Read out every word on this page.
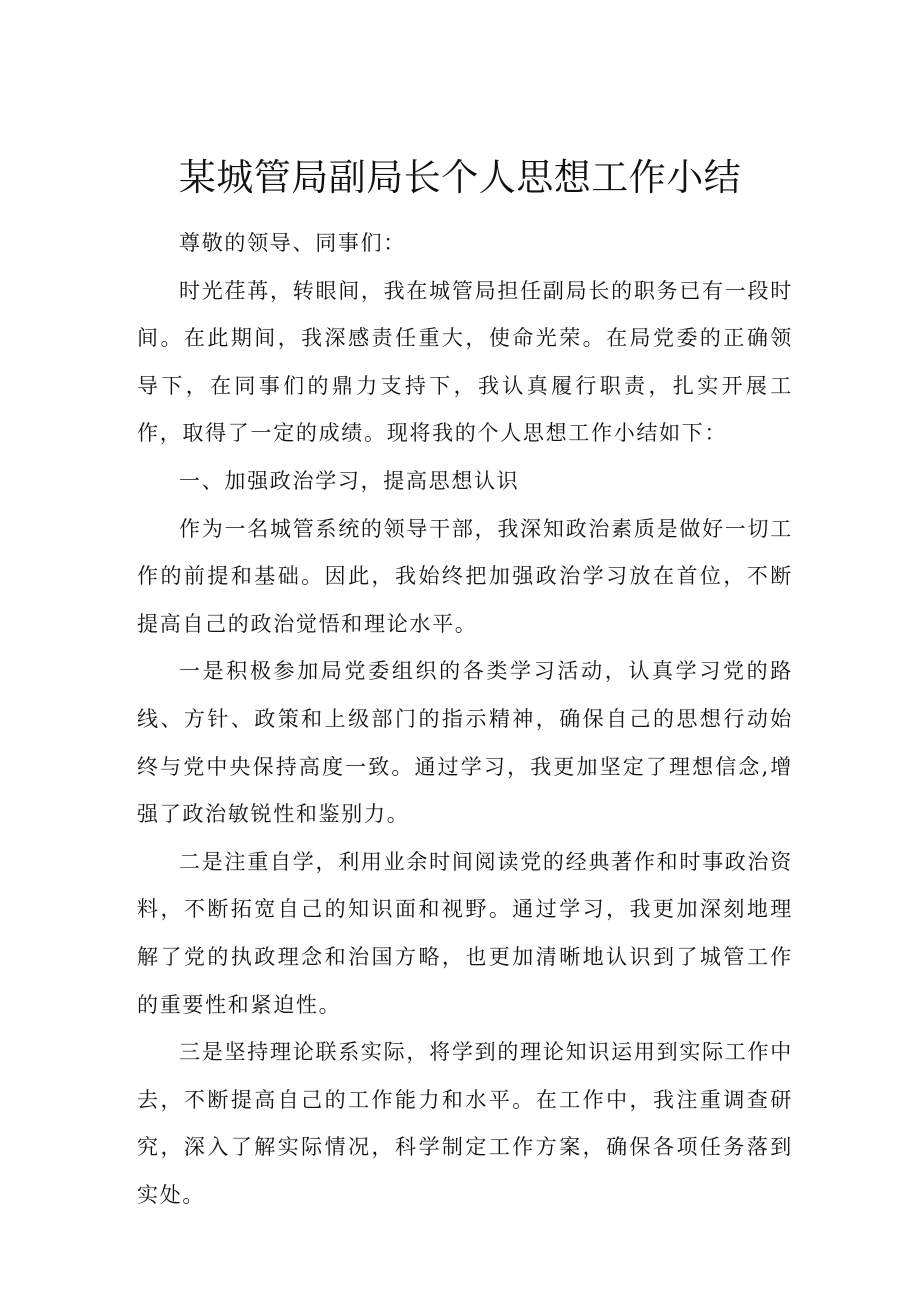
某城管局副局长个人思想工作小结

尊敬的领导、同事们：

时光荏苒，转眼间，我在城管局担任副局长的职务已有一段时间。在此期间，我深感责任重大，使命光荣。在局党委的正确领导下，在同事们的鼎力支持下，我认真履行职责，扎实开展工作，取得了一定的成绩。现将我的个人思想工作小结如下：

一、加强政治学习，提高思想认识

作为一名城管系统的领导干部，我深知政治素质是做好一切工作的前提和基础。因此，我始终把加强政治学习放在首位，不断提高自己的政治觉悟和理论水平。

一是积极参加局党委组织的各类学习活动，认真学习党的路线、方针、政策和上级部门的指示精神，确保自己的思想行动始终与党中央保持高度一致。通过学习，我更加坚定了理想信念,增强了政治敏锐性和鉴别力。

二是注重自学，利用业余时间阅读党的经典著作和时事政治资料，不断拓宽自己的知识面和视野。通过学习，我更加深刻地理解了党的执政理念和治国方略，也更加清晰地认识到了城管工作的重要性和紧迫性。

三是坚持理论联系实际，将学到的理论知识运用到实际工作中去，不断提高自己的工作能力和水平。在工作中，我注重调查研究，深入了解实际情况，科学制定工作方案，确保各项任务落到实处。
